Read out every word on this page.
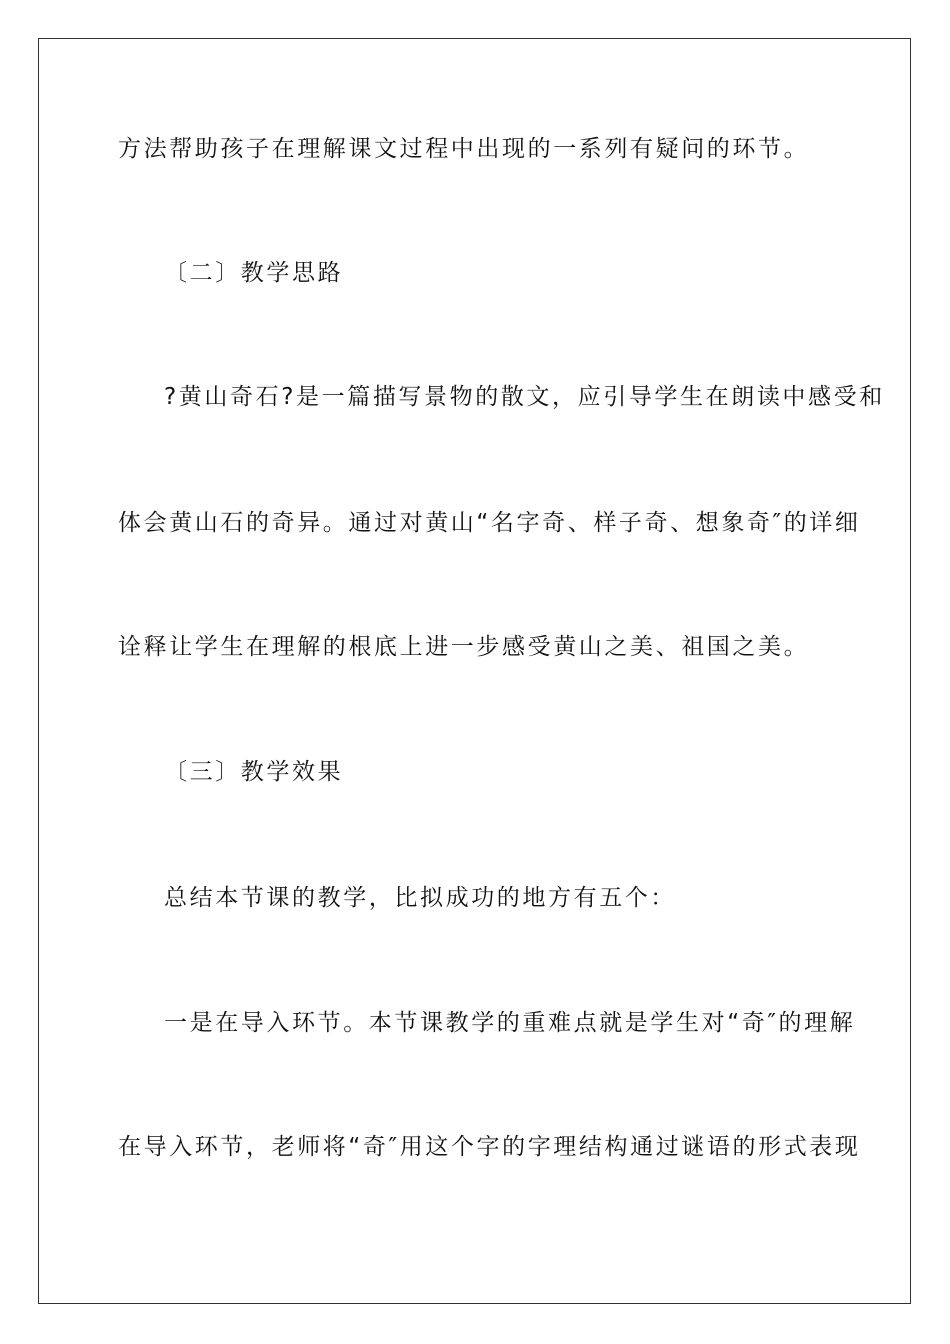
方法帮助孩子在理解课文过程中出现的一系列有疑问的环节。
〔二〕教学思路
?黄山奇石?是一篇描写景物的散文，应引导学生在朗读中感受和
体会黄山石的奇异。通过对黄山“名字奇、样子奇、想象奇″的详细
诠释让学生在理解的根底上进一步感受黄山之美、祖国之美。
〔三〕教学效果
总结本节课的教学，比拟成功的地方有五个：
一是在导入环节。本节课教学的重难点就是学生对“奇″的理解
在导入环节，老师将“奇″用这个字的字理结构通过谜语的形式表现
